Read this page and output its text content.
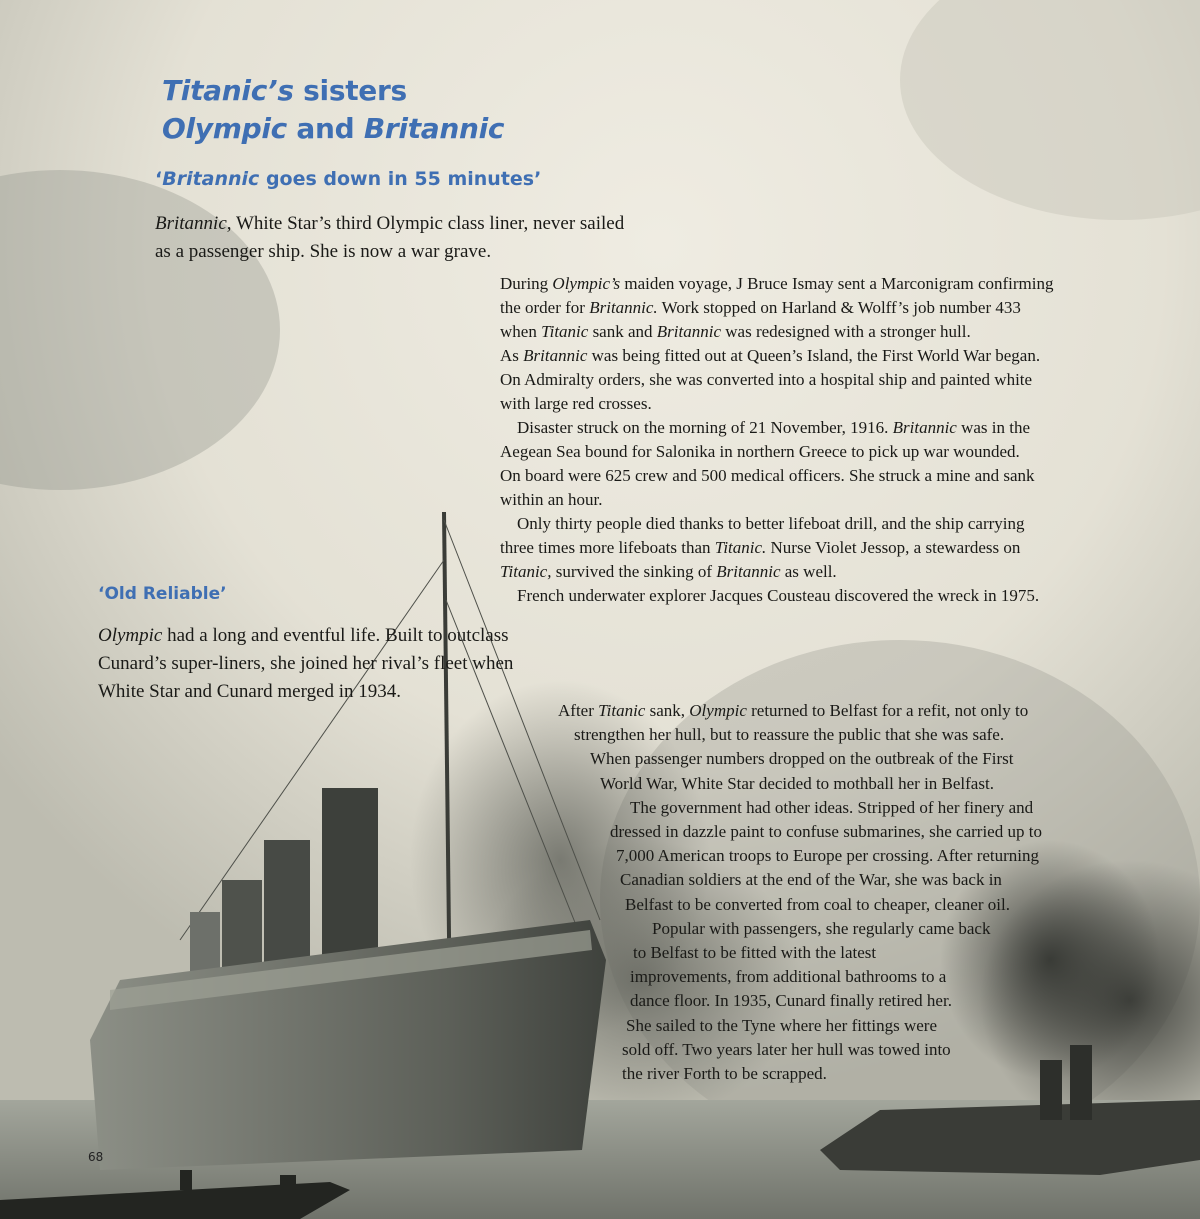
Titanic’s sisters
Olympic and Britannic
‘Britannic goes down in 55 minutes’
Britannic, White Star’s third Olympic class liner, never sailed
as a passenger ship. She is now a war grave.
During Olympic’s maiden voyage, J Bruce Ismay sent a Marconigram confirming
the order for Britannic. Work stopped on Harland & Wolff’s job number 433
when Titanic sank and Britannic was redesigned with a stronger hull.
As Britannic was being fitted out at Queen’s Island, the First World War began.
On Admiralty orders, she was converted into a hospital ship and painted white
with large red crosses.
 Disaster struck on the morning of 21 November, 1916. Britannic was in the
Aegean Sea bound for Salonika in northern Greece to pick up war wounded.
On board were 625 crew and 500 medical officers. She struck a mine and sank
within an hour.
 Only thirty people died thanks to better lifeboat drill, and the ship carrying
three times more lifeboats than Titanic. Nurse Violet Jessop, a stewardess on
Titanic, survived the sinking of Britannic as well.
 French underwater explorer Jacques Cousteau discovered the wreck in 1975.
‘Old Reliable’
Olympic had a long and eventful life. Built to outclass
Cunard’s super-liners, she joined her rival’s fleet when
White Star and Cunard merged in 1934.
After Titanic sank, Olympic returned to Belfast for a refit, not only to
strengthen her hull, but to reassure the public that she was safe.
When passenger numbers dropped on the outbreak of the First
World War, White Star decided to mothball her in Belfast.
The government had other ideas. Stripped of her finery and
dressed in dazzle paint to confuse submarines, she carried up to
7,000 American troops to Europe per crossing. After returning
Canadian soldiers at the end of the War, she was back in
Belfast to be converted from coal to cheaper, cleaner oil.
Popular with passengers, she regularly came back
to Belfast to be fitted with the latest
improvements, from additional bathrooms to a
dance floor. In 1935, Cunard finally retired her.
She sailed to the Tyne where her fittings were
sold off. Two years later her hull was towed into
the river Forth to be scrapped.
68
